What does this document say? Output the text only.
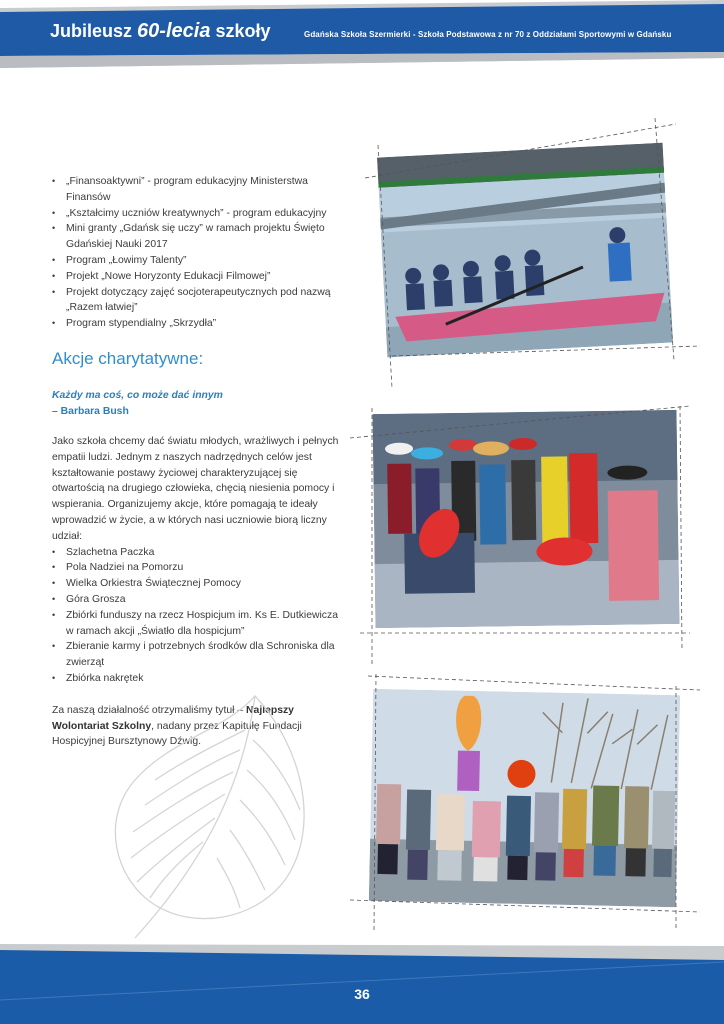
Jubileusz 60-lecia szkoły	Gdańska Szkoła Szermierki - Szkoła Podstawowa z nr 70 z Oddziałami Sportowymi w Gdańsku
• „Finansoaktywni” - program edukacyjny Ministerstwa Finansów
• „Kształcimy uczniów kreatywnych” - program edukacyjny
• Mini granty „Gdańsk się uczy” w ramach projektu Święto Gdańskiej Nauki 2017
• Program „Łowimy Talenty”
• Projekt „Nowe Horyzonty Edukacji Filmowej”
• Projekt dotyczący zajęć socjoterapeutycznych pod nazwą „Razem łatwiej”
• Program stypendialny „Skrzydła”
Akcje charytatywne:
Każdy ma coś, co może dać innym
– Barbara Bush

Jako szkoła chcemy dać światu młodych, wrażliwych i pełnych empatii ludzi. Jednym z naszych nadrzędnych celów jest kształtowanie postawy życiowej charakteryzującej się otwartością na drugiego człowieka, chęcią niesienia pomocy i wspierania. Organizujemy akcje, które pomagają te ideały wprowadzić w życie, a w których nasi uczniowie biorą liczny udział:

• Szlachetna Paczka
• Pola Nadziei na Pomorzu
• Wielka Orkiestra Świątecznej Pomocy
• Góra Grosza
• Zbiórki funduszy na rzecz Hospicjum im. Ks E. Dutkiewicza w ramach akcji „Światło dla hospicjum”
• Zbieranie karmy i potrzebnych środków dla Schroniska dla zwierząt
• Zbiórka nakrętek

Za naszą działalność otrzymaliśmy tytuł – Najlepszy Wolontariat Szkolny, nadany przez Kapitułę Fundacji Hospicyjnej Bursztynowy Dźwig.

36
